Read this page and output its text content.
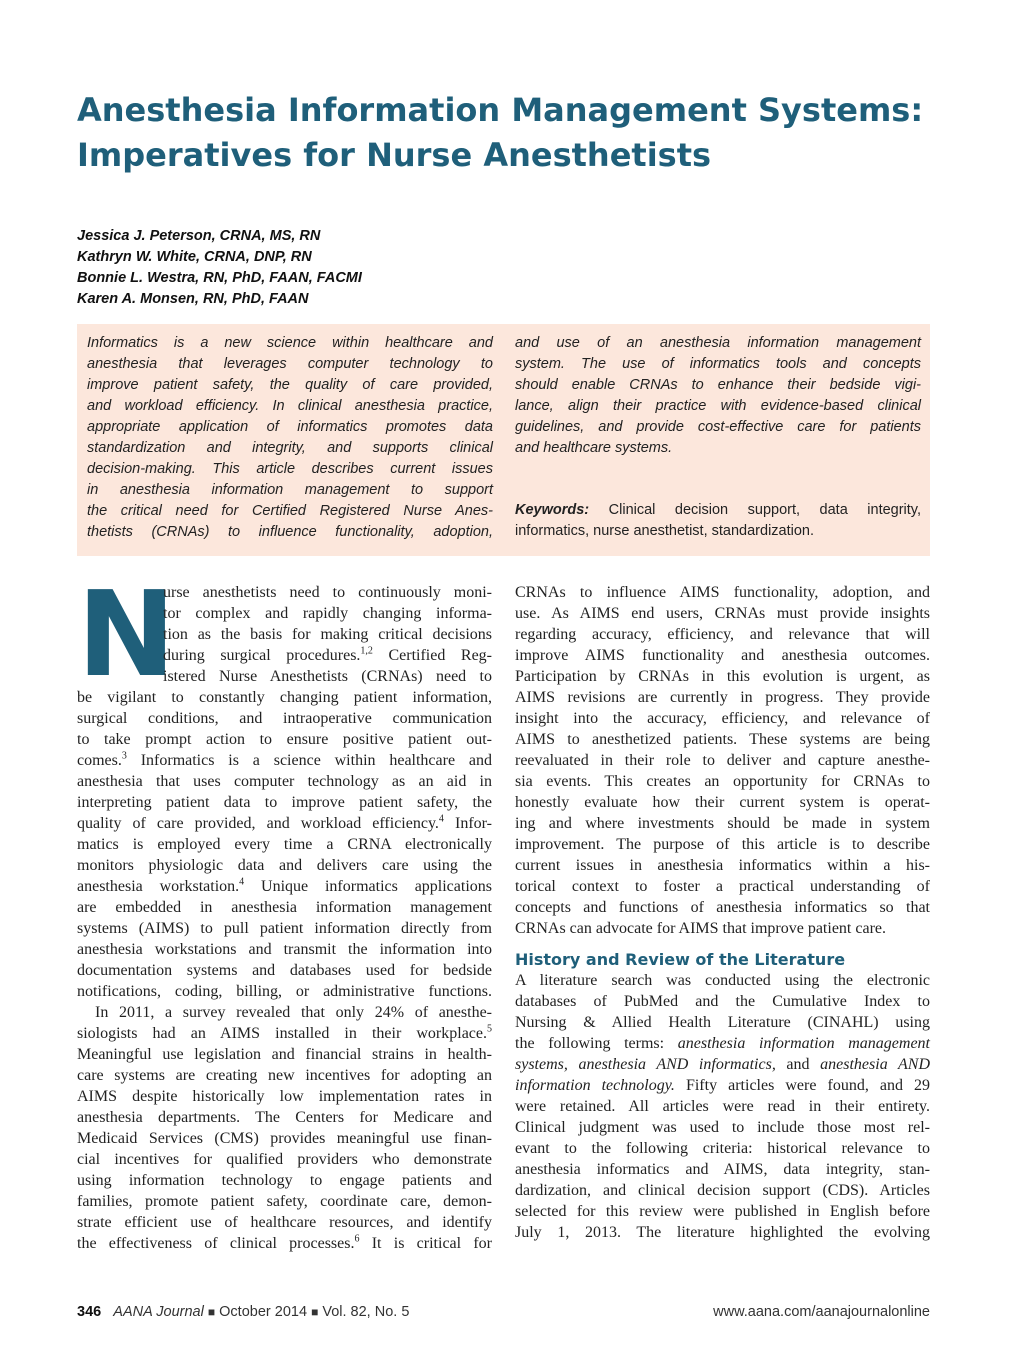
Anesthesia Information Management Systems:
Imperatives for Nurse Anesthetists
Jessica J. Peterson, CRNA, MS, RN
Kathryn W. White, CRNA, DNP, RN
Bonnie L. Westra, RN, PhD, FAAN, FACMI
Karen A. Monsen, RN, PhD, FAAN
Informatics is a new science within healthcare and
anesthesia that leverages computer technology to
improve patient safety, the quality of care provided,
and workload efficiency. In clinical anesthesia practice,
appropriate application of informatics promotes data
standardization and integrity, and supports clinical
decision-making. This article describes current issues
in anesthesia information management to support
the critical need for Certified Registered Nurse Anes-
thetists (CRNAs) to influence functionality, adoption,
and use of an anesthesia information management
system. The use of informatics tools and concepts
should enable CRNAs to enhance their bedside vigi-
lance, align their practice with evidence-based clinical
guidelines, and provide cost-effective care for patients
and healthcare systems.
Keywords: Clinical decision support, data integrity,
informatics, nurse anesthetist, standardization.
N
urse anesthetists need to continuously moni-
tor complex and rapidly changing informa-
tion as the basis for making critical decisions
during surgical procedures.$^{1,2}$ Certified Reg-
istered Nurse Anesthetists (CRNAs) need to
be vigilant to constantly changing patient information,
surgical conditions, and intraoperative communication
to take prompt action to ensure positive patient out-
comes.$^3$ Informatics is a science within healthcare and
anesthesia that uses computer technology as an aid in
interpreting patient data to improve patient safety, the
quality of care provided, and workload efficiency.$^4$ Infor-
matics is employed every time a CRNA electronically
monitors physiologic data and delivers care using the
anesthesia workstation.$^4$ Unique informatics applications
are embedded in anesthesia information management
systems (AIMS) to pull patient information directly from
anesthesia workstations and transmit the information into
documentation systems and databases used for bedside
notifications, coding, billing, or administrative functions.
In 2011, a survey revealed that only 24% of anesthe-
siologists had an AIMS installed in their workplace.$^5$
Meaningful use legislation and financial strains in health-
care systems are creating new incentives for adopting an
AIMS despite historically low implementation rates in
anesthesia departments. The Centers for Medicare and
Medicaid Services (CMS) provides meaningful use finan-
cial incentives for qualified providers who demonstrate
using information technology to engage patients and
families, promote patient safety, coordinate care, demon-
strate efficient use of healthcare resources, and identify
the effectiveness of clinical processes.$^6$ It is critical for
CRNAs to influence AIMS functionality, adoption, and
use. As AIMS end users, CRNAs must provide insights
regarding accuracy, efficiency, and relevance that will
improve AIMS functionality and anesthesia outcomes.
Participation by CRNAs in this evolution is urgent, as
AIMS revisions are currently in progress. They provide
insight into the accuracy, efficiency, and relevance of
AIMS to anesthetized patients. These systems are being
reevaluated in their role to deliver and capture anesthe-
sia events. This creates an opportunity for CRNAs to
honestly evaluate how their current system is operat-
ing and where investments should be made in system
improvement. The purpose of this article is to describe
current issues in anesthesia informatics within a his-
torical context to foster a practical understanding of
concepts and functions of anesthesia informatics so that
CRNAs can advocate for AIMS that improve patient care.
History and Review of the Literature
A literature search was conducted using the electronic
databases of PubMed and the Cumulative Index to
Nursing & Allied Health Literature (CINAHL) using
the following terms: anesthesia information management
systems, anesthesia AND informatics, and anesthesia AND
information technology. Fifty articles were found, and 29
were retained. All articles were read in their entirety.
Clinical judgment was used to include those most rel-
evant to the following criteria: historical relevance to
anesthesia informatics and AIMS, data integrity, stan-
dardization, and clinical decision support (CDS). Articles
selected for this review were published in English before
July 1, 2013. The literature highlighted the evolving
346 AANA Journal ■ October 2014 ■ Vol. 82, No. 5	www.aana.com/aanajournalonline
